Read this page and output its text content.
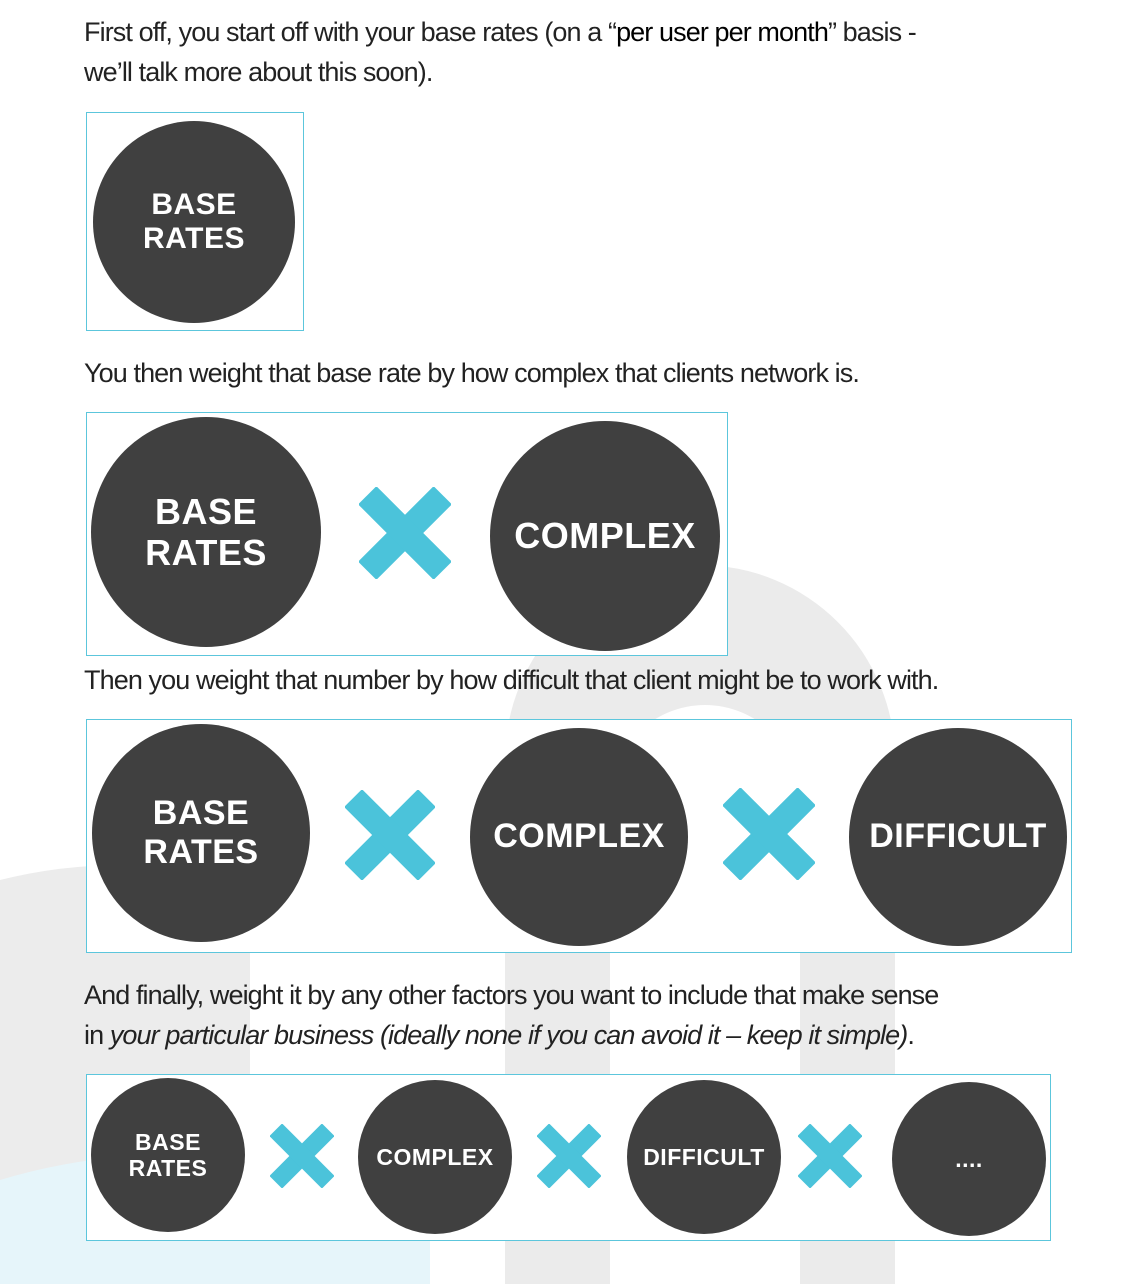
First off, you start off with your base rates (on a “per user per month” basis -
we’ll talk more about this soon).
BASE
RATES
You then weight that base rate by how complex that clients network is.
BASE
RATES	COMPLEX
Then you weight that number by how difficult that client might be to work with.
BASE
RATES	COMPLEX	DIFFICULT
And finally, weight it by any other factors you want to include that make sense
in your particular business (ideally none if you can avoid it – keep it simple).
BASE
RATES	COMPLEX	DIFFICULT	....
